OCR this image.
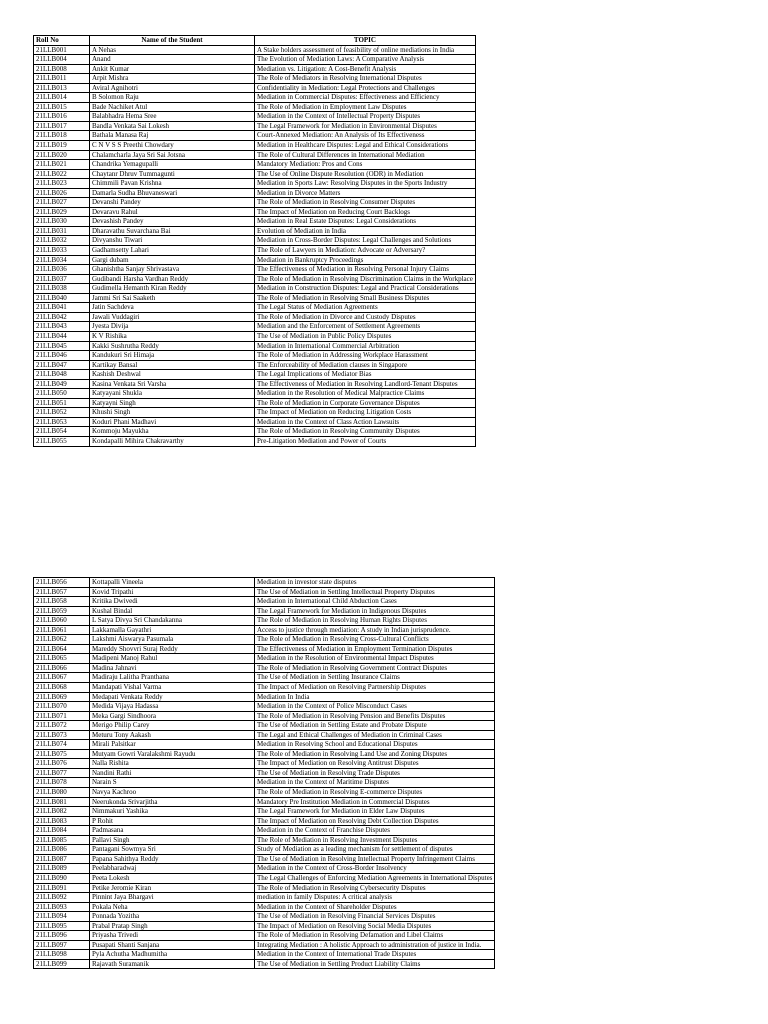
Roll No	Name of the Student	TOPIC
21LLB001	A Nehas	A Stake holders assessment of feasibility of online mediations in India
21LLB004	Anand	The Evolution of Mediation Laws: A Comparative Analysis
21LLB008	Ankit Kumar	Mediation vs. Litigation: A Cost-Benefit Analysis
21LLB011	Arpit Mishra	The Role of Mediators in Resolving International Disputes
21LLB013	Aviral Agnihotri	Confidentiality in Mediation: Legal Protections and Challenges
21LLB014	B Solomon Raju	Mediation in Commercial Disputes: Effectiveness and Efficiency
21LLB015	Bade Nachiket Atul	The Role of Mediation in Employment Law Disputes
21LLB016	Balabhadra Hema Sree	Mediation in the Context of Intellectual Property Disputes
21LLB017	Bandla Venkata Sai Lokesh	The Legal Framework for Mediation in Environmental Disputes
21LLB018	Bathala Manasa Raj	Court-Annexed Mediation: An Analysis of Its Effectiveness
21LLB019	C N V S S Preethi Chowdary	Mediation in Healthcare Disputes: Legal and Ethical Considerations
21LLB020	Chalamcharla Jaya Sri Sai Jotsna	The Role of Cultural Differences in International Mediation
21LLB021	Chandrika Yemagupalli	Mandatory Mediation: Pros and Cons
21LLB022	Chaytanr Dhruv Tummagunti	The Use of Online Dispute Resolution (ODR) in Mediation
21LLB023	Chimmili Pavan Krishna	Mediation in Sports Law: Resolving Disputes in the Sports Industry
21LLB026	Damarla Sudha Bhuvaneswari	Mediation in Divorce Matters
21LLB027	Devanshi Pandey	The Role of Mediation in Resolving Consumer Disputes
21LLB029	Devaravu Rahul	The Impact of Mediation on Reducing Court Backlogs
21LLB030	Devashish Pandey	Mediation in Real Estate Disputes: Legal Considerations
21LLB031	Dharavathu Suvarchana Bai	Evolution of Mediation in India
21LLB032	Divyanshu Tiwari	Mediation in Cross-Border Disputes: Legal Challenges and Solutions
21LLB033	Gadhamsetty Lahari	The Role of Lawyers in Mediation: Advocate or Adversary?
21LLB034	Gargi dubam	Mediation in Bankruptcy Proceedings
21LLB036	Ghanishtha Sanjay Shrivastava	The Effectiveness of Mediation in Resolving Personal Injury Claims
21LLB037	Gudibandi Harsha Vardhan Reddy	The Role of Mediation in Resolving Discrimination Claims in the Workplace
21LLB038	Gudimella Hemanth Kiran Reddy	Mediation in Construction Disputes: Legal and Practical Considerations
21LLB040	Jammi Sri Sai Saaketh	The Role of Mediation in Resolving Small Business Disputes
21LLB041	Jatin Sachdeva	The Legal Status of Mediation Agreements
21LLB042	Jawali Vuddagiri	The Role of Mediation in Divorce and Custody Disputes
21LLB043	Jyesta Divija	Mediation and the Enforcement of Settlement Agreements
21LLB044	K V Rishika	The Use of Mediation in Public Policy Disputes
21LLB045	Kakki Sushrutha Reddy	Mediation in International Commercial Arbitration
21LLB046	Kandukuri Sri Himaja	The Role of Mediation in Addressing Workplace Harassment
21LLB047	Kartikay Bansal	The Enforceability of Mediation clauses in Singapore
21LLB048	Kashish Deshwal	The Legal Implications of Mediator Bias
21LLB049	Kasina Venkata Sri Varsha	The Effectiveness of Mediation in Resolving Landlord-Tenant Disputes
21LLB050	Katyayani Shukla	Mediation in the Resolution of Medical Malpractice Claims
21LLB051	Katyayni Singh	The Role of Mediation in Corporate Governance Disputes
21LLB052	Khushi Singh	The Impact of Mediation on Reducing Litigation Costs
21LLB053	Koduri Phani Madhavi	Mediation in the Context of Class Action Lawsuits
21LLB054	Kommoju Mayukha	The Role of Mediation in Resolving Community Disputes
21LLB055	Kondapalli Mihira Chakravarthy	Pre-Litigation Mediation and Power of Courts
21LLB056	Kottapalli Vineela	Mediation in investor state disputes
21LLB057	Kovid Tripathi	The Use of Mediation in Settling Intellectual Property Disputes
21LLB058	Kritika Dwivedi	Mediation in International Child Abduction Cases
21LLB059	Kushal Bindal	The Legal Framework for Mediation in Indigenous Disputes
21LLB060	L Satya Divya Sri Chandakanna	The Role of Mediation in Resolving Human Rights Disputes
21LLB061	Lakkamalla Gayathri	Access to justice through mediation: A study in Indian jurisprudence.
21LLB062	Lakshmi Aiswarya Pasumala	The Role of Mediation in Resolving Cross-Cultural Conflicts
21LLB064	Mareddy Shovvri Suraj Reddy	The Effectiveness of Mediation in Employment Termination Disputes
21LLB065	Madipeni Manoj Rahul	Mediation in the Resolution of Environmental Impact Disputes
21LLB066	Madina Jahnavi	The Role of Mediation in Resolving Government Contract Disputes
21LLB067	Madiraju Lalitha Pranthana	The Use of Mediation in Settling Insurance Claims
21LLB068	Mandapati Vishal Varma	The Impact of Mediation on Resolving Partnership Disputes
21LLB069	Medapati Venkata Reddy	Mediation In India
21LLB070	Medida Vijaya Hadassa	Mediation in the Context of Police Misconduct Cases
21LLB071	Meka Gargi Sindhoora	The Role of Mediation in Resolving Pension and Benefits Disputes
21LLB072	Merigo Philip Carey	The Use of Mediation in Settling Estate and Probate Dispute
21LLB073	Meturu Tony Aakash	The Legal and Ethical Challenges of Mediation in Criminal Cases
21LLB074	Mirali Palsitkar	Mediation in Resolving School and Educational Disputes
21LLB075	Mutyam Gowri Varalakshmi Rayudu	The Role of Mediation in Resolving Land Use and Zoning Disputes
21LLB076	Nalla Rishita	The Impact of Mediation on Resolving Antitrust Disputes
21LLB077	Nandini Rathi	The Use of Mediation in Resolving Trade Disputes
21LLB078	Narain S	Mediation in the Context of Maritime Disputes
21LLB080	Navya Kachroo	The Role of Mediation in Resolving E-commerce Disputes
21LLB081	Neerukonda Srivarjitha	Mandatory Pre Institution Mediation in Commercial Disputes
21LLB082	Nimmakuri Yashika	The Legal Framework for Mediation in Elder Law Disputes
21LLB083	P Rohit	The Impact of Mediation on Resolving Debt Collection Disputes
21LLB084	Padmasana	Mediation in the Context of Franchise Disputes
21LLB085	Pallavi Singh	The Role of Mediation in Resolving Investment Disputes
21LLB086	Pantagani Sowmya Sri	Study of Mediation as a leading mechanism for settlement of disputes
21LLB087	Papana Sahithya Reddy	The Use of Mediation in Resolving Intellectual Property Infringement Claims
21LLB089	Peelabharadwaj	Mediation in the Context of Cross-Border Insolvency
21LLB090	Peeta Lokesh	The Legal Challenges of Enforcing Mediation Agreements in International Disputes
21LLB091	Petike Jeromie Kiran	The Role of Mediation in Resolving Cybersecurity Disputes
21LLB092	Pinnint Jaya Bhargavi	mediation in family Disputes: A critical analysis
21LLB093	Pokala Neha	Mediation in the Context of Shareholder Disputes
21LLB094	Ponnada Yozitha	The Use of Mediation in Resolving Financial Services Disputes
21LLB095	Prabal Pratap Singh	The Impact of Mediation on Resolving Social Media Disputes
21LLB096	Priyasha Trivedi	The Role of Mediation in Resolving Defamation and Libel Claims
21LLB097	Pusapati Shanti Sanjana	Integrating Mediation : A holistic Approach to administration of justice in India.
21LLB098	Pyla Achutha Madhumitha	Mediation in the Context of International Trade Disputes
21LLB099	Rajavath Suramanik	The Use of Mediation in Settling Product Liability Claims
